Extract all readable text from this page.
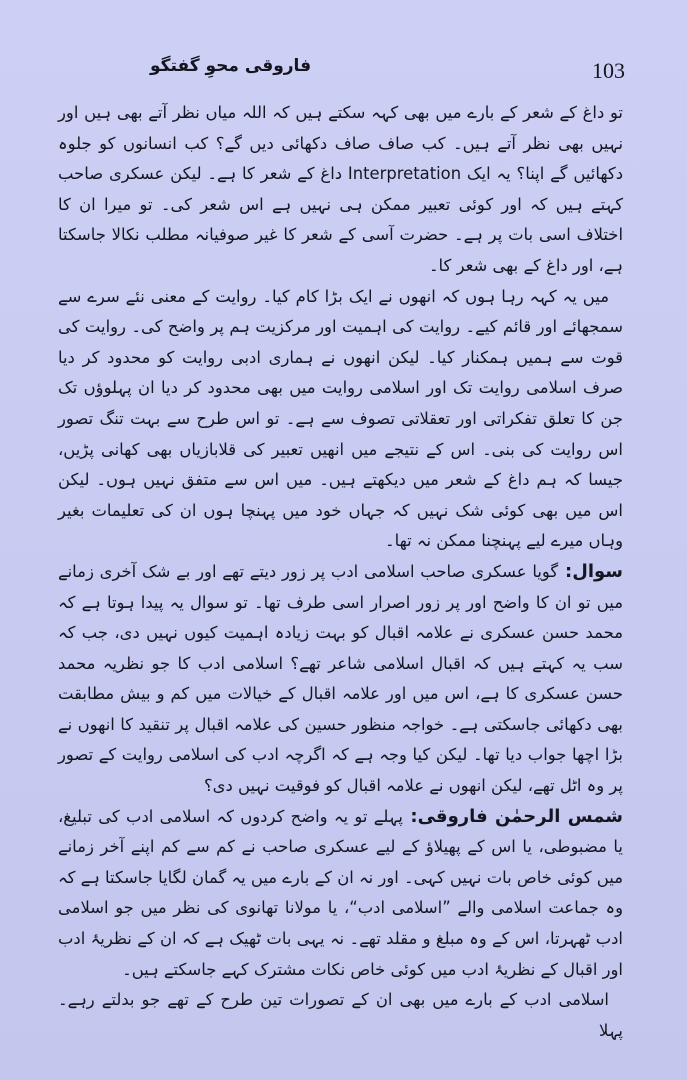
فاروقی محوِ گفتگو	103

تو داغ کے شعر کے بارے میں بھی کہہ سکتے ہیں کہ اللہ میاں نظر آتے بھی ہیں اور نہیں بھی نظر آتے ہیں۔ کب صاف صاف دکھائی دیں گے؟ کب انسانوں کو جلوہ دکھائیں گے اپنا؟ یہ ایک Interpretation داغ کے شعر کا ہے۔ لیکن عسکری صاحب کہتے ہیں کہ اور کوئی تعبیر ممکن ہی نہیں ہے اس شعر کی۔ تو میرا ان کا اختلاف اسی بات پر ہے۔ حضرت آسی کے شعر کا غیر صوفیانہ مطلب نکالا جاسکتا ہے، اور داغ کے بھی شعر کا۔

میں یہ کہہ رہا ہوں کہ انھوں نے ایک بڑا کام کیا۔ روایت کے معنی نئے سرے سے سمجھائے اور قائم کیے۔ روایت کی اہمیت اور مرکزیت ہم پر واضح کی۔ روایت کی قوت سے ہمیں ہمکنار کیا۔ لیکن انھوں نے ہماری ادبی روایت کو محدود کر دیا صرف اسلامی روایت تک اور اسلامی روایت میں بھی محدود کر دیا ان پہلوؤں تک جن کا تعلق تفکراتی اور تعقلاتی تصوف سے ہے۔ تو اس طرح سے بہت تنگ تصور اس روایت کی بنی۔ اس کے نتیجے میں انھیں تعبیر کی قلابازیاں بھی کھانی پڑیں، جیسا کہ ہم داغ کے شعر میں دیکھتے ہیں۔ میں اس سے متفق نہیں ہوں۔ لیکن اس میں بھی کوئی شک نہیں کہ جہاں خود میں پہنچا ہوں ان کی تعلیمات بغیر وہاں میرے لیے پہنچنا ممکن نہ تھا۔

سوال: گویا عسکری صاحب اسلامی ادب پر زور دیتے تھے اور بے شک آخری زمانے میں تو ان کا واضح اور پر زور اصرار اسی طرف تھا۔ تو سوال یہ پیدا ہوتا ہے کہ محمد حسن عسکری نے علامہ اقبال کو بہت زیادہ اہمیت کیوں نہیں دی، جب کہ سب یہ کہتے ہیں کہ اقبال اسلامی شاعر تھے؟ اسلامی ادب کا جو نظریہ محمد حسن عسکری کا ہے، اس میں اور علامہ اقبال کے خیالات میں کم و بیش مطابقت بھی دکھائی جاسکتی ہے۔ خواجہ منظور حسین کی علامہ اقبال پر تنقید کا انھوں نے بڑا اچھا جواب دیا تھا۔ لیکن کیا وجہ ہے کہ اگرچہ ادب کی اسلامی روایت کے تصور پر وہ اٹل تھے، لیکن انھوں نے علامہ اقبال کو فوقیت نہیں دی؟

شمس الرحمٰن فاروقی: پہلے تو یہ واضح کردوں کہ اسلامی ادب کی تبلیغ، یا مضبوطی، یا اس کے پھیلاؤ کے لیے عسکری صاحب نے کم سے کم اپنے آخر زمانے میں کوئی خاص بات نہیں کہی۔ اور نہ ان کے بارے میں یہ گمان لگایا جاسکتا ہے کہ وہ جماعت اسلامی والے ”اسلامی ادب“، یا مولانا تھانوی کی نظر میں جو اسلامی ادب ٹھہرتا، اس کے وہ مبلغ و مقلد تھے۔ نہ یہی بات ٹھیک ہے کہ ان کے نظریۂ ادب اور اقبال کے نظریۂ ادب میں کوئی خاص نکات مشترک کہے جاسکتے ہیں۔

اسلامی ادب کے بارے میں بھی ان کے تصورات تین طرح کے تھے جو بدلتے رہے۔ پہلا
